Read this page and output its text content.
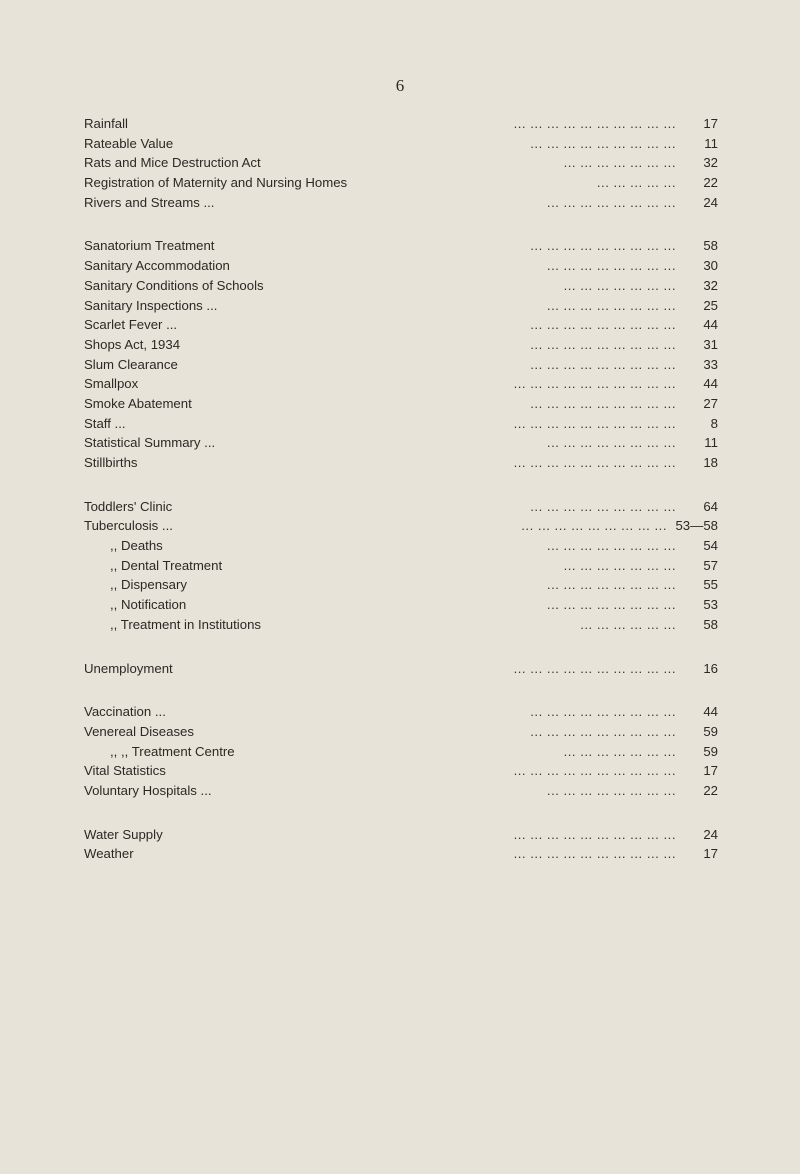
6
Rainfall	... ... ... ... ... ... ... ... ... ...	17
Rateable Value	... ... ... ... ... ... ... ... ...	11
Rats and Mice Destruction Act	... ... ... ... ... ... ...	32
Registration of Maternity and Nursing Homes	... ... ... ... ...	22
Rivers and Streams ...	... ... ... ... ... ... ... ...	24
Sanatorium Treatment	... ... ... ... ... ... ... ... ...	58
Sanitary Accommodation	... ... ... ... ... ... ... ...	30
Sanitary Conditions of Schools	... ... ... ... ... ... ...	32
Sanitary Inspections ...	... ... ... ... ... ... ... ...	25
Scarlet Fever ...	... ... ... ... ... ... ... ... ...	44
Shops Act, 1934	... ... ... ... ... ... ... ... ...	31
Slum Clearance	... ... ... ... ... ... ... ... ...	33
Smallpox	... ... ... ... ... ... ... ... ... ...	44
Smoke Abatement	... ... ... ... ... ... ... ... ...	27
Staff ...	... ... ... ... ... ... ... ... ... ...	8
Statistical Summary ...	... ... ... ... ... ... ... ...	11
Stillbirths	... ... ... ... ... ... ... ... ... ...	18
Toddlers' Clinic	... ... ... ... ... ... ... ... ...	64
Tuberculosis ...	... ... ... ... ... ... ... ... ... 53—58
,, Deaths	... ... ... ... ... ... ... ...	54
,, Dental Treatment	... ... ... ... ... ... ...	57
,, Dispensary	... ... ... ... ... ... ... ...	55
,, Notification	... ... ... ... ... ... ... ...	53
,, Treatment in Institutions	... ... ... ... ... ...	58
Unemployment	... ... ... ... ... ... ... ... ... ...	16
Vaccination ...	... ... ... ... ... ... ... ... ...	44
Venereal Diseases	... ... ... ... ... ... ... ... ...	59
,, ,, Treatment Centre	... ... ... ... ... ... ...	59
Vital Statistics	... ... ... ... ... ... ... ... ... ...	17
Voluntary Hospitals ...	... ... ... ... ... ... ... ...	22
Water Supply	... ... ... ... ... ... ... ... ... ...	24
Weather	... ... ... ... ... ... ... ... ... ...	17
